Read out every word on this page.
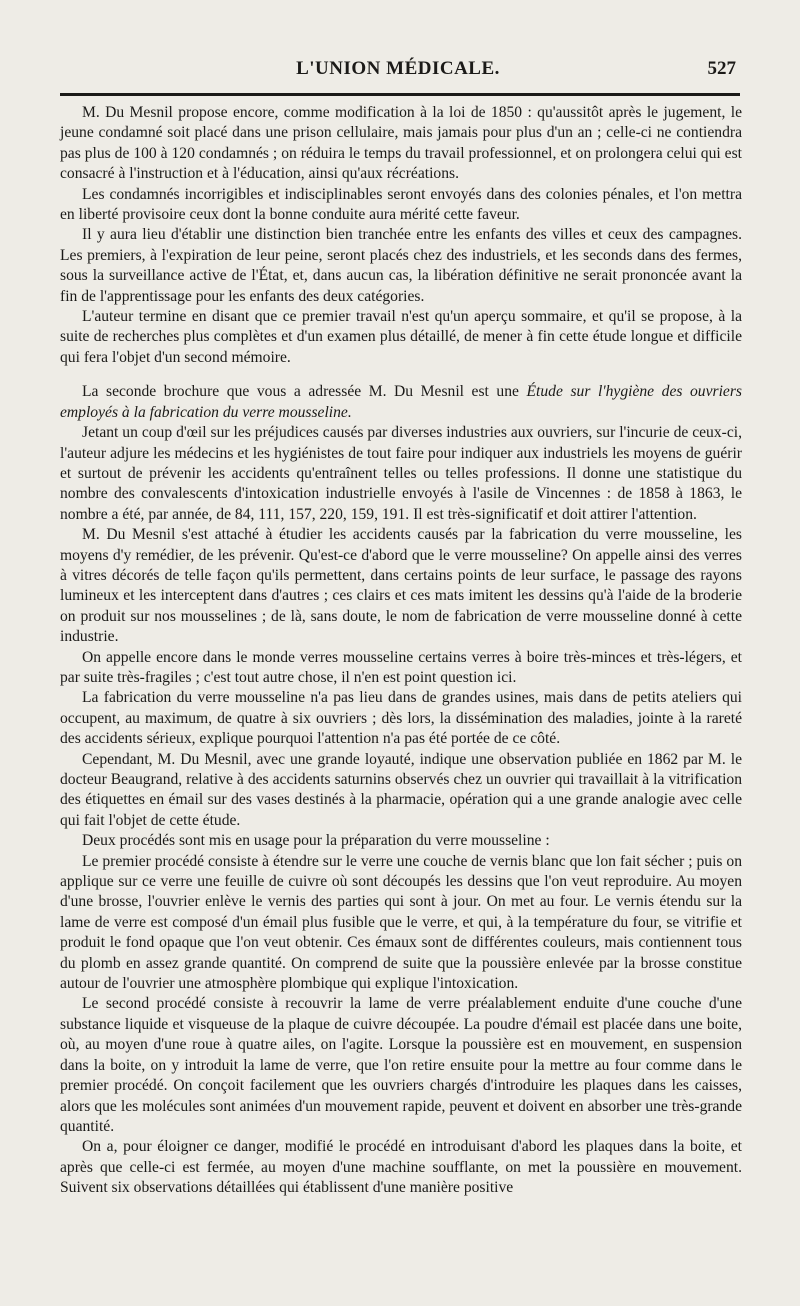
L'UNION MÉDICALE.	527

M. Du Mesnil propose encore, comme modification à la loi de 1850 : qu'aussitôt après le jugement, le jeune condamné soit placé dans une prison cellulaire, mais jamais pour plus d'un an ; celle-ci ne contiendra pas plus de 100 à 120 condamnés ; on réduira le temps du travail professionnel, et on prolongera celui qui est consacré à l'instruction et à l'éducation, ainsi qu'aux récréations.

Les condamnés incorrigibles et indisciplinables seront envoyés dans des colonies pénales, et l'on mettra en liberté provisoire ceux dont la bonne conduite aura mérité cette faveur.

Il y aura lieu d'établir une distinction bien tranchée entre les enfants des villes et ceux des campagnes. Les premiers, à l'expiration de leur peine, seront placés chez des industriels, et les seconds dans des fermes, sous la surveillance active de l'État, et, dans aucun cas, la libération définitive ne serait prononcée avant la fin de l'apprentissage pour les enfants des deux catégories.

L'auteur termine en disant que ce premier travail n'est qu'un aperçu sommaire, et qu'il se propose, à la suite de recherches plus complètes et d'un examen plus détaillé, de mener à fin cette étude longue et difficile qui fera l'objet d'un second mémoire.

La seconde brochure que vous a adressée M. Du Mesnil est une Étude sur l'hygiène des ouvriers employés à la fabrication du verre mousseline.

Jetant un coup d'œil sur les préjudices causés par diverses industries aux ouvriers, sur l'incurie de ceux-ci, l'auteur adjure les médecins et les hygiénistes de tout faire pour indiquer aux industriels les moyens de guérir et surtout de prévenir les accidents qu'entraînent telles ou telles professions. Il donne une statistique du nombre des convalescents d'intoxication industrielle envoyés à l'asile de Vincennes : de 1858 à 1863, le nombre a été, par année, de 84, 111, 157, 220, 159, 191. Il est très-significatif et doit attirer l'attention.

M. Du Mesnil s'est attaché à étudier les accidents causés par la fabrication du verre mousseline, les moyens d'y remédier, de les prévenir. Qu'est-ce d'abord que le verre mousseline? On appelle ainsi des verres à vitres décorés de telle façon qu'ils permettent, dans certains points de leur surface, le passage des rayons lumineux et les interceptent dans d'autres ; ces clairs et ces mats imitent les dessins qu'à l'aide de la broderie on produit sur nos mousselines ; de là, sans doute, le nom de fabrication de verre mousseline donné à cette industrie.

On appelle encore dans le monde verres mousseline certains verres à boire très-minces et très-légers, et par suite très-fragiles ; c'est tout autre chose, il n'en est point question ici.

La fabrication du verre mousseline n'a pas lieu dans de grandes usines, mais dans de petits ateliers qui occupent, au maximum, de quatre à six ouvriers ; dès lors, la dissémination des maladies, jointe à la rareté des accidents sérieux, explique pourquoi l'attention n'a pas été portée de ce côté.

Cependant, M. Du Mesnil, avec une grande loyauté, indique une observation publiée en 1862 par M. le docteur Beaugrand, relative à des accidents saturnins observés chez un ouvrier qui travaillait à la vitrification des étiquettes en émail sur des vases destinés à la pharmacie, opération qui a une grande analogie avec celle qui fait l'objet de cette étude.

Deux procédés sont mis en usage pour la préparation du verre mousseline :

Le premier procédé consiste à étendre sur le verre une couche de vernis blanc que lon fait sécher ; puis on applique sur ce verre une feuille de cuivre où sont découpés les dessins que l'on veut reproduire. Au moyen d'une brosse, l'ouvrier enlève le vernis des parties qui sont à jour. On met au four. Le vernis étendu sur la lame de verre est composé d'un émail plus fusible que le verre, et qui, à la température du four, se vitrifie et produit le fond opaque que l'on veut obtenir. Ces émaux sont de différentes couleurs, mais contiennent tous du plomb en assez grande quantité. On comprend de suite que la poussière enlevée par la brosse constitue autour de l'ouvrier une atmosphère plombique qui explique l'intoxication.

Le second procédé consiste à recouvrir la lame de verre préalablement enduite d'une couche d'une substance liquide et visqueuse de la plaque de cuivre découpée. La poudre d'émail est placée dans une boite, où, au moyen d'une roue à quatre ailes, on l'agite. Lorsque la poussière est en mouvement, en suspension dans la boite, on y introduit la lame de verre, que l'on retire ensuite pour la mettre au four comme dans le premier procédé. On conçoit facilement que les ouvriers chargés d'introduire les plaques dans les caisses, alors que les molécules sont animées d'un mouvement rapide, peuvent et doivent en absorber une très-grande quantité.

On a, pour éloigner ce danger, modifié le procédé en introduisant d'abord les plaques dans la boite, et après que celle-ci est fermée, au moyen d'une machine soufflante, on met la poussière en mouvement. Suivent six observations détaillées qui établissent d'une manière positive
